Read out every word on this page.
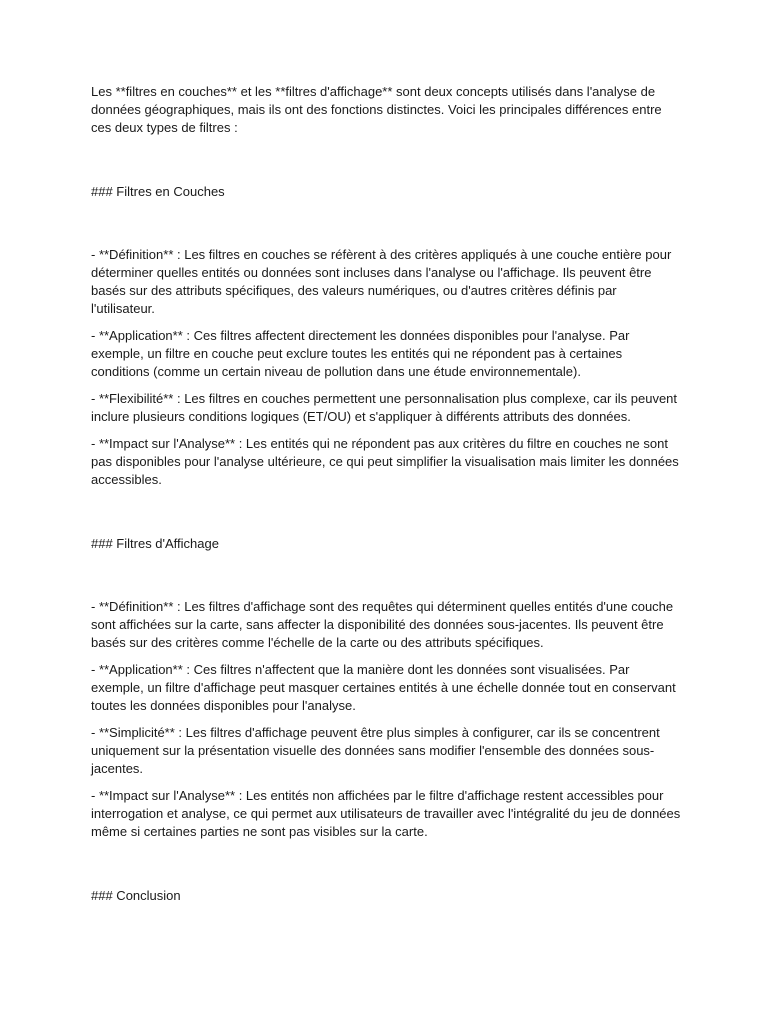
Les **filtres en couches** et les **filtres d'affichage** sont deux concepts utilisés dans l'analyse de données géographiques, mais ils ont des fonctions distinctes. Voici les principales différences entre ces deux types de filtres :

### Filtres en Couches

- **Définition** : Les filtres en couches se réfèrent à des critères appliqués à une couche entière pour déterminer quelles entités ou données sont incluses dans l'analyse ou l'affichage. Ils peuvent être basés sur des attributs spécifiques, des valeurs numériques, ou d'autres critères définis par l'utilisateur.

- **Application** : Ces filtres affectent directement les données disponibles pour l'analyse. Par exemple, un filtre en couche peut exclure toutes les entités qui ne répondent pas à certaines conditions (comme un certain niveau de pollution dans une étude environnementale).

- **Flexibilité** : Les filtres en couches permettent une personnalisation plus complexe, car ils peuvent inclure plusieurs conditions logiques (ET/OU) et s'appliquer à différents attributs des données.

- **Impact sur l'Analyse** : Les entités qui ne répondent pas aux critères du filtre en couches ne sont pas disponibles pour l'analyse ultérieure, ce qui peut simplifier la visualisation mais limiter les données accessibles.

### Filtres d'Affichage

- **Définition** : Les filtres d'affichage sont des requêtes qui déterminent quelles entités d'une couche sont affichées sur la carte, sans affecter la disponibilité des données sous-jacentes. Ils peuvent être basés sur des critères comme l'échelle de la carte ou des attributs spécifiques.

- **Application** : Ces filtres n'affectent que la manière dont les données sont visualisées. Par exemple, un filtre d'affichage peut masquer certaines entités à une échelle donnée tout en conservant toutes les données disponibles pour l'analyse.

- **Simplicité** : Les filtres d'affichage peuvent être plus simples à configurer, car ils se concentrent uniquement sur la présentation visuelle des données sans modifier l'ensemble des données sous-jacentes.

- **Impact sur l'Analyse** : Les entités non affichées par le filtre d'affichage restent accessibles pour interrogation et analyse, ce qui permet aux utilisateurs de travailler avec l'intégralité du jeu de données même si certaines parties ne sont pas visibles sur la carte.

### Conclusion
